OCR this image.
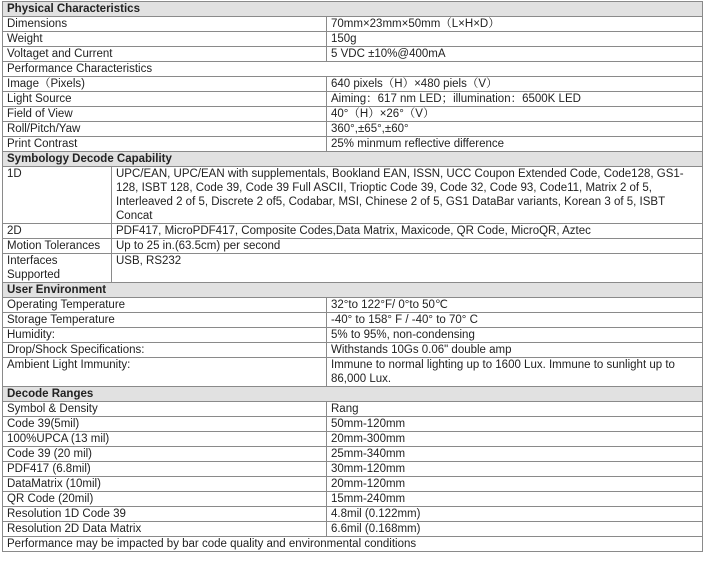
Physical Characteristics		
Dimensions		70mm×23mm×50mm（L×H×D）
Weight		150g
Voltaget and Current		5 VDC ±10%@400mA
Performance Characteristics		
Image（Pixels)		640 pixels（H）×480 piels（V）
Light Source		Aiming：617 nm LED；illumination：6500K LED
Field of View		40°（H）×26°（V）
Roll/Pitch/Yaw		360°,±65°,±60°
Print Contrast		25% minmum reflective difference
Symbology Decode Capability		
1D	UPC/EAN, UPC/EAN with supplementals, Bookland EAN, ISSN, UCC Coupon Extended Code, Code128, GS1-128, ISBT 128, Code 39, Code 39 Full ASCII, Trioptic Code 39, Code 32, Code 93, Code11, Matrix 2 of 5, Interleaved 2 of 5, Discrete 2 of5, Codabar, MSI, Chinese 2 of 5, GS1 DataBar variants, Korean 3 of 5, ISBT Concat	
2D	PDF417, MicroPDF417, Composite Codes,Data Matrix, Maxicode, QR Code, MicroQR, Aztec	
Motion Tolerances	Up to 25 in.(63.5cm) per second	
Interfaces Supported	USB, RS232	
User Environment		
Operating Temperature		32°to 122°F/ 0°to 50℃
Storage Temperature		-40° to 158° F / -40° to 70° C
Humidity:		5% to 95%, non-condensing
Drop/Shock Specifications:		Withstands 10Gs 0.06" double amp
Ambient Light Immunity:		Immune to normal lighting up to 1600 Lux. Immune to sunlight up to 86,000 Lux.
Decode Ranges		
Symbol & Density		Rang
Code 39(5mil)		50mm-120mm
100%UPCA (13 mil)		20mm-300mm
Code 39 (20 mil)		25mm-340mm
PDF417 (6.8mil)		30mm-120mm
DataMatrix (10mil)		20mm-120mm
QR Code (20mil)		15mm-240mm
Resolution 1D Code 39		4.8mil (0.122mm)
Resolution 2D Data Matrix		6.6mil (0.168mm)
Performance may be impacted by bar code quality and environmental conditions		
